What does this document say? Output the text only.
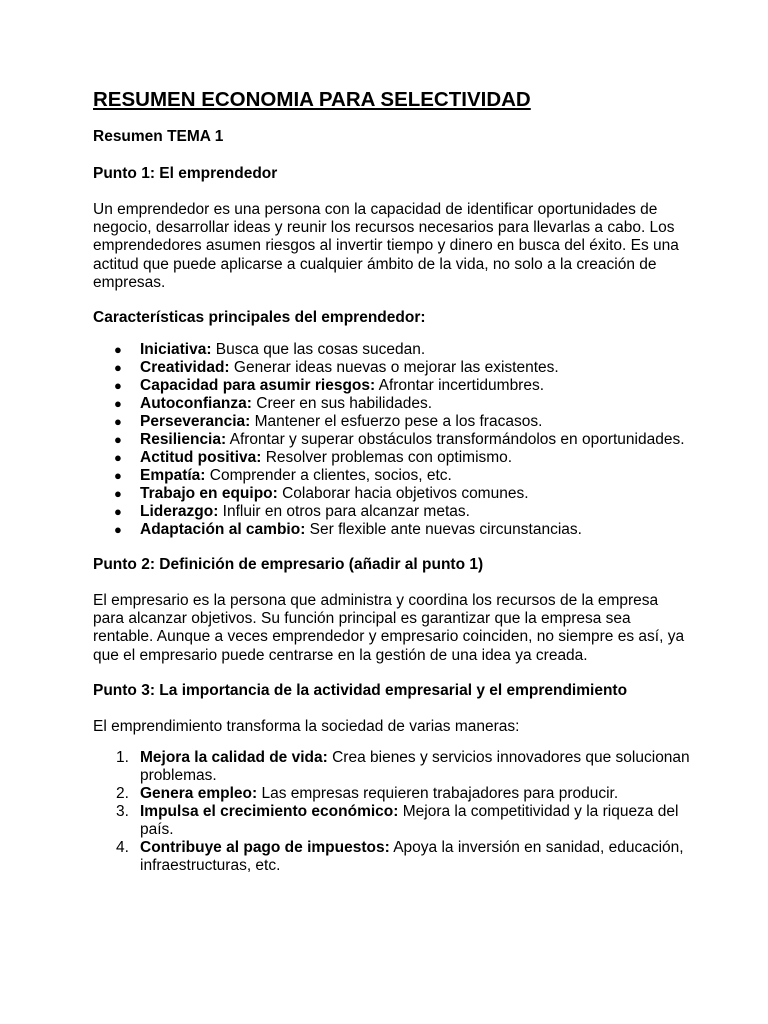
RESUMEN ECONOMIA PARA SELECTIVIDAD

Resumen TEMA 1

Punto 1: El emprendedor

Un emprendedor es una persona con la capacidad de identificar oportunidades de negocio, desarrollar ideas y reunir los recursos necesarios para llevarlas a cabo. Los emprendedores asumen riesgos al invertir tiempo y dinero en busca del éxito. Es una actitud que puede aplicarse a cualquier ámbito de la vida, no solo a la creación de empresas.

Características principales del emprendedor:

● Iniciativa: Busca que las cosas sucedan.
● Creatividad: Generar ideas nuevas o mejorar las existentes.
● Capacidad para asumir riesgos: Afrontar incertidumbres.
● Autoconfianza: Creer en sus habilidades.
● Perseverancia: Mantener el esfuerzo pese a los fracasos.
● Resiliencia: Afrontar y superar obstáculos transformándolos en oportunidades.
● Actitud positiva: Resolver problemas con optimismo.
● Empatía: Comprender a clientes, socios, etc.
● Trabajo en equipo: Colaborar hacia objetivos comunes.
● Liderazgo: Influir en otros para alcanzar metas.
● Adaptación al cambio: Ser flexible ante nuevas circunstancias.

Punto 2: Definición de empresario (añadir al punto 1)

El empresario es la persona que administra y coordina los recursos de la empresa para alcanzar objetivos. Su función principal es garantizar que la empresa sea rentable. Aunque a veces emprendedor y empresario coinciden, no siempre es así, ya que el empresario puede centrarse en la gestión de una idea ya creada.

Punto 3: La importancia de la actividad empresarial y el emprendimiento

El emprendimiento transforma la sociedad de varias maneras:

1. Mejora la calidad de vida: Crea bienes y servicios innovadores que solucionan problemas.
2. Genera empleo: Las empresas requieren trabajadores para producir.
3. Impulsa el crecimiento económico: Mejora la competitividad y la riqueza del país.
4. Contribuye al pago de impuestos: Apoya la inversión en sanidad, educación, infraestructuras, etc.
